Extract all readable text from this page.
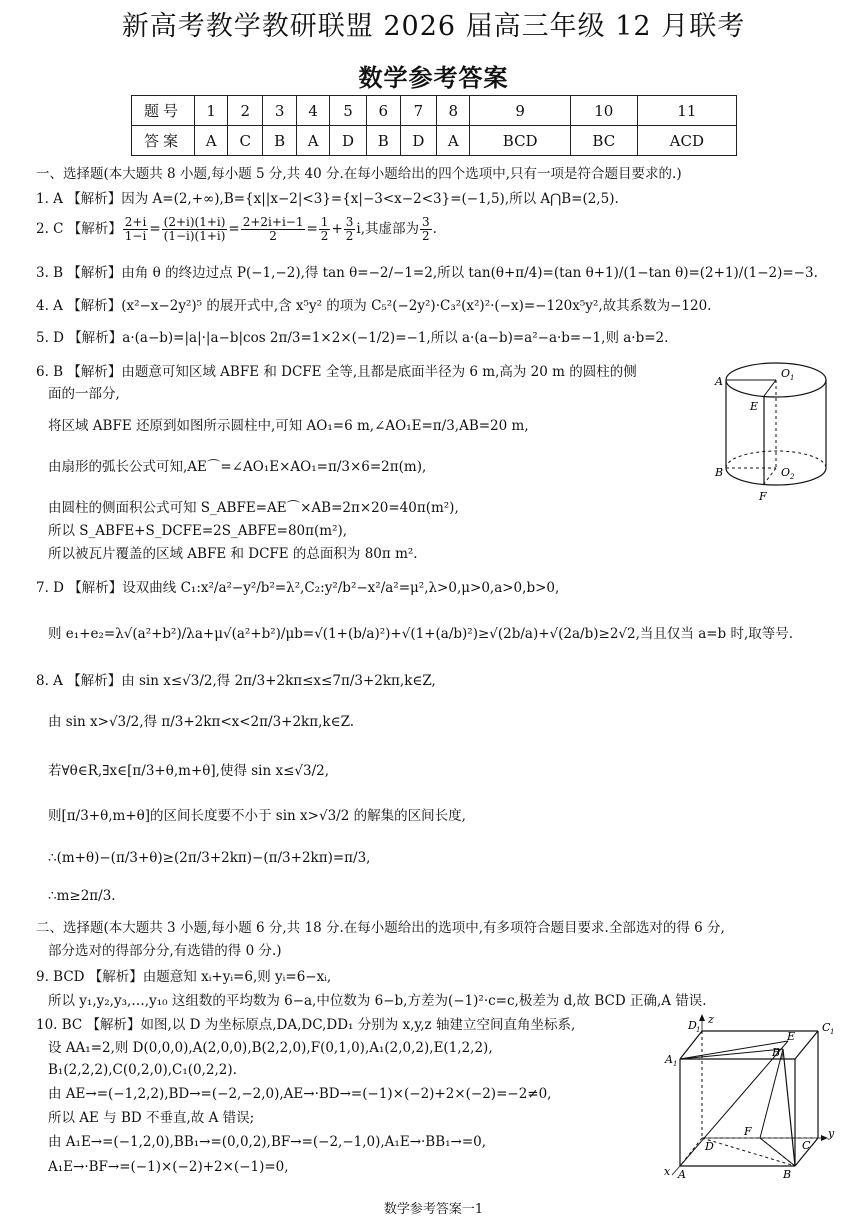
新高考教学教研联盟 2026 届高三年级 12 月联考
数学参考答案
题号	1	2	3	4	5	6	7	8	9	10	11
答案	A	C	B	A	D	B	D	A	BCD	BC	ACD
一、选择题(本大题共 8 小题,每小题 5 分,共 40 分.在每小题给出的四个选项中,只有一项是符合题目要求的.)
1. A 【解析】因为 A=(2,+∞),B={x||x−2|<3}={x|−3<x−2<3}=(−1,5),所以 A⋂B=(2,5).
2. C 【解析】 $\frac{2+i}{1-i} = \frac{(2+i)(1+i)}{(1-i)(1+i)} = \frac{2+2i+i-1}{2} = \frac{1}{2} + \frac{3}{2} i$,其虚部为 $\frac{3}{2}$ .
3. B 【解析】由角 θ 的终边过点 P(−1,−2),得 tan θ=−2/−1=2,所以 tan(θ+π/4)=(tan θ+1)/(1−tan θ)=(2+1)/(1−2)=−3.
4. A 【解析】(x²−x−2y²)⁵ 的展开式中,含 x⁵y² 的项为 C₅²(−2y²)·C₃²(x²)²·(−x)=−120x⁵y²,故其系数为−120.
5. D 【解析】a·(a−b)=|a|·|a−b|cos 2π/3=1×2×(−1/2)=−1,所以 a·(a−b)=a²−a·b=−1,则 a·b=2.
6. B 【解析】由题意可知区域 ABFE 和 DCFE 全等,且都是底面半径为 6 m,高为 20 m 的圆柱的侧
面的一部分,
将区域 ABFE 还原到如图所示圆柱中,可知 AO₁=6 m,∠AO₁E=π/3,AB=20 m,
由扇形的弧长公式可知,AE⌒=∠AO₁E×AO₁=π/3×6=2π(m),
由圆柱的侧面积公式可知 S_ABFE=AE⌒×AB=2π×20=40π(m²),
所以 S_ABFE+S_DCFE=2S_ABFE=80π(m²),
所以被瓦片覆盖的区域 ABFE 和 DCFE 的总面积为 80π m².
A
O 1
E
B	O 2
F
7. D 【解析】设双曲线 C₁:x²/a²−y²/b²=λ²,C₂:y²/b²−x²/a²=μ²,λ>0,μ>0,a>0,b>0,
则 e₁+e₂=λ√(a²+b²)/λa+μ√(a²+b²)/μb=√(1+(b/a)²)+√(1+(a/b)²)≥√(2b/a)+√(2a/b)≥2√2,当且仅当 a=b 时,取等号.
8. A 【解析】由 sin x≤√3/2,得 2π/3+2kπ≤x≤7π/3+2kπ,k∈Z,
由 sin x>√3/2,得 π/3+2kπ<x<2π/3+2kπ,k∈Z.
若∀θ∈R,∃x∈[π/3+θ,m+θ],使得 sin x≤√3/2,
则[π/3+θ,m+θ]的区间长度要不小于 sin x>√3/2 的解集的区间长度,
∴(m+θ)−(π/3+θ)≥(2π/3+2kπ)−(π/3+2kπ)=π/3,
∴m≥2π/3.
二、选择题(本大题共 3 小题,每小题 6 分,共 18 分.在每小题给出的选项中,有多项符合题目要求.全部选对的得 6 分,
部分选对的得部分分,有选错的得 0 分.)
9. BCD 【解析】由题意知 xᵢ+yᵢ=6,则 yᵢ=6−xᵢ,
所以 y₁,y₂,y₃,…,y₁₀ 这组数的平均数为 6−a,中位数为 6−b,方差为(−1)²·c=c,极差为 d,故 BCD 正确,A 错误.
10. BC 【解析】如图,以 D 为坐标原点,DA,DC,DD₁ 分别为 x,y,z 轴建立空间直角坐标系,
设 AA₁=2,则 D(0,0,0),A(2,0,0),B(2,2,0),F(0,1,0),A₁(2,0,2),E(1,2,2),
B₁(2,2,2),C(0,2,0),C₁(0,2,2).
由 AE→=(−1,2,2),BD→=(−2,−2,0),AE→·BD→=(−1)×(−2)+2×(−2)=−2≠0,
所以 AE 与 BD 不垂直,故 A 错误;
由 A₁E→=(−1,2,0),BB₁→=(0,0,2),BF→=(−2,−1,0),A₁E→·BB₁→=0,
A₁E→·BF→=(−1)×(−2)+2×(−1)=0,
D 1
z
C 1
E
B 1
A 1
F
D	C
y
x A	B
数学参考答案一1
